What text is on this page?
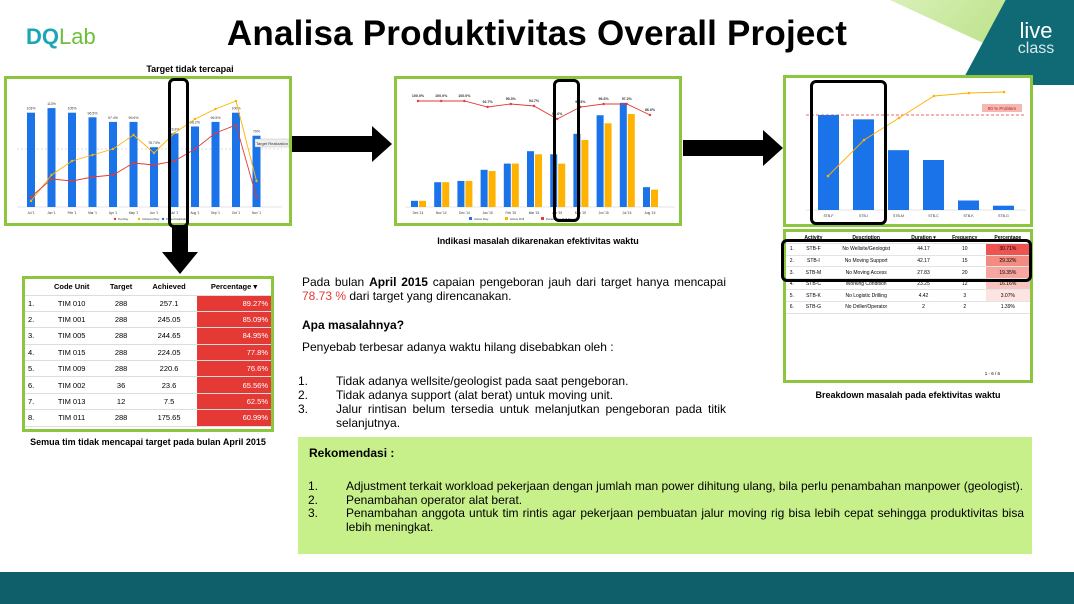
live
class
DQLab	Analisa Produktivitas Overall Project
Target tidak tercapai
103%
Jul '1
113%
Jan '1
105%
Feb '1
96.5%
Mar '1
97.4%
Apr '1
99.6%
May '1
78.73%
Jun '1
83.9%
Jul '1
88.2%
Aug '1
96.5%
Sep '1
100%
Oct '1
79%
Nov '1
Target Realization
Top Day	Achieved Day Target Realization
100.0%
Dec '14
100.0%
Nov '14
100.0%
Dec '14
92.7%
Jan '15
99.3%
Feb '15
94.7%
Mar '15
91.0%
Apr '15
95.3%
May '15
96.6%
Jun '15
97.2%
Jul '15
86.6%
Aug '15
Active Day	Active Drill	Persentase Drill Day
Indikasi masalah dikarenakan efektivitas waktu
80 % Problem
STB-F	STB-I	STB-M	STB-C	STB-K	STB-G
	Code Unit	Target	Achieved	Percentage ▾
1.	TIM 010	288	257.1	89.27%
2.	TIM 001	288	245.05	85.09%
3.	TIM 005	288	244.65	84.95%
4.	TIM 015	288	224.05	77.8%
5.	TIM 009	288	220.6	76.6%
6.	TIM 002	36	23.6	65.56%
7.	TIM 013	12	7.5	62.5%
8.	TIM 011	288	175.65	60.99%
Semua tim tidak mencapai target pada bulan April 2015
	Activity	Description	Duration ▾	Frequency	Percentage
1.	STB-F	No Wellsite/Geologist	44.17	10	30.71%
2.	STB-I	No Moving Support	42.17	15	29.32%
3.	STB-M	No Moving Access	27.83	20	19.35%
4.	STB-C	Working Condition	23.25	12	16.16%
5.	STB-K	No Logistic Drilling	4.42	3	3.07%
6.	STB-G	No Driller/Operator	2	2	1.39%
1 - 6 / 6
Breakdown masalah pada efektivitas waktu
Pada bulan April 2015 capaian pengeboran jauh dari target hanya mencapai 78.73 % dari target yang direncanakan.
Apa masalahnya?
Penyebab terbesar adanya waktu hilang disebabkan oleh :
1.	Tidak adanya wellsite/geologist pada saat pengeboran.
2.	Tidak adanya support (alat berat) untuk moving unit.
3.	Jalur rintisan belum tersedia untuk melanjutkan pengeboran pada titik selanjutnya.
Rekomendasi :
1.	Adjustment terkait workload pekerjaan dengan jumlah man power dihitung ulang, bila perlu penambahan manpower (geologist).
2.	Penambahan operator alat berat.
3.	Penambahan anggota untuk tim rintis agar pekerjaan pembuatan jalur moving rig bisa lebih cepat sehingga produktivitas bisa lebih meningkat.
